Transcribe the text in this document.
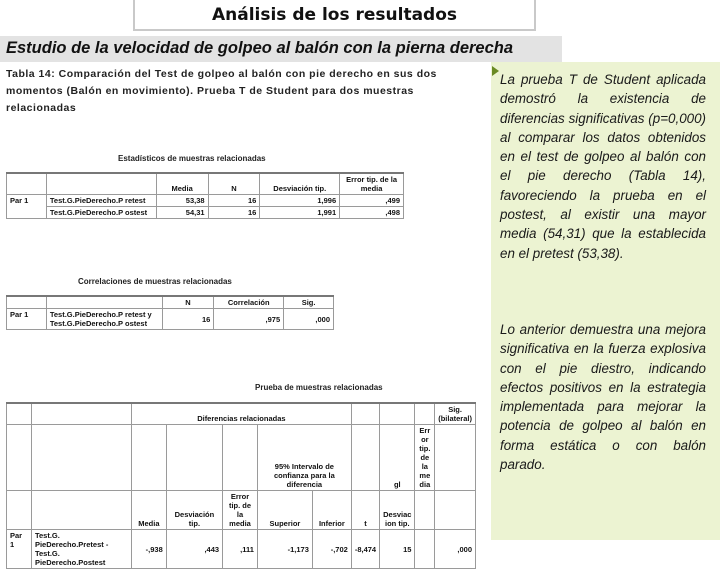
Análisis de los resultados
Estudio de la velocidad de golpeo al balón con la pierna derecha
Tabla 14: Comparación del Test de golpeo al balón con pie derecho en sus dos momentos (Balón en movimiento). Prueba T de Student para dos muestras relacionadas
Estadísticos de muestras relacionadas
		Media	N	Desviación tip.	Error tip. de la media
Par 1	Test.G.PieDerecho.P retest	53,38	16	1,996	,499
	Test.G.PieDerecho.P ostest	54,31	16	1,991	,498
Correlaciones de muestras relacionadas
		N	Correlación	Sig.
Par 1	Test.G.PieDerecho.P retest y Test.G.PieDerecho.P ostest	16	,975	,000
Prueba de muestras relacionadas
		Diferencias relacionadas								Sig. (bilateral)
					95% Intervalo de confianza para la diferencia			gl	Err or tip. de la me dia	
		Media	Desviación tip.	Error tip. de la media	Superior	Inferior	t	Desviac ion tip.		
Par 1	Test.G. PieDerecho.Pretest - Test.G. PieDerecho.Postest	-,938	,443	,111	-1,173	-,702	-8,474	15		,000
La prueba T de Student aplicada demostró la existencia de diferencias significativas (p=0,000) al comparar los datos obtenidos en el test de golpeo al balón con el pie derecho (Tabla 14), favoreciendo la prueba en el postest, al existir una mayor media (54,31) que la establecida en el pretest (53,38).
Lo anterior demuestra una mejora significativa en la fuerza explosiva con el pie diestro, indicando efectos positivos en la estrategia implementada para mejorar la potencia de golpeo al balón en forma estática o con balón parado.
